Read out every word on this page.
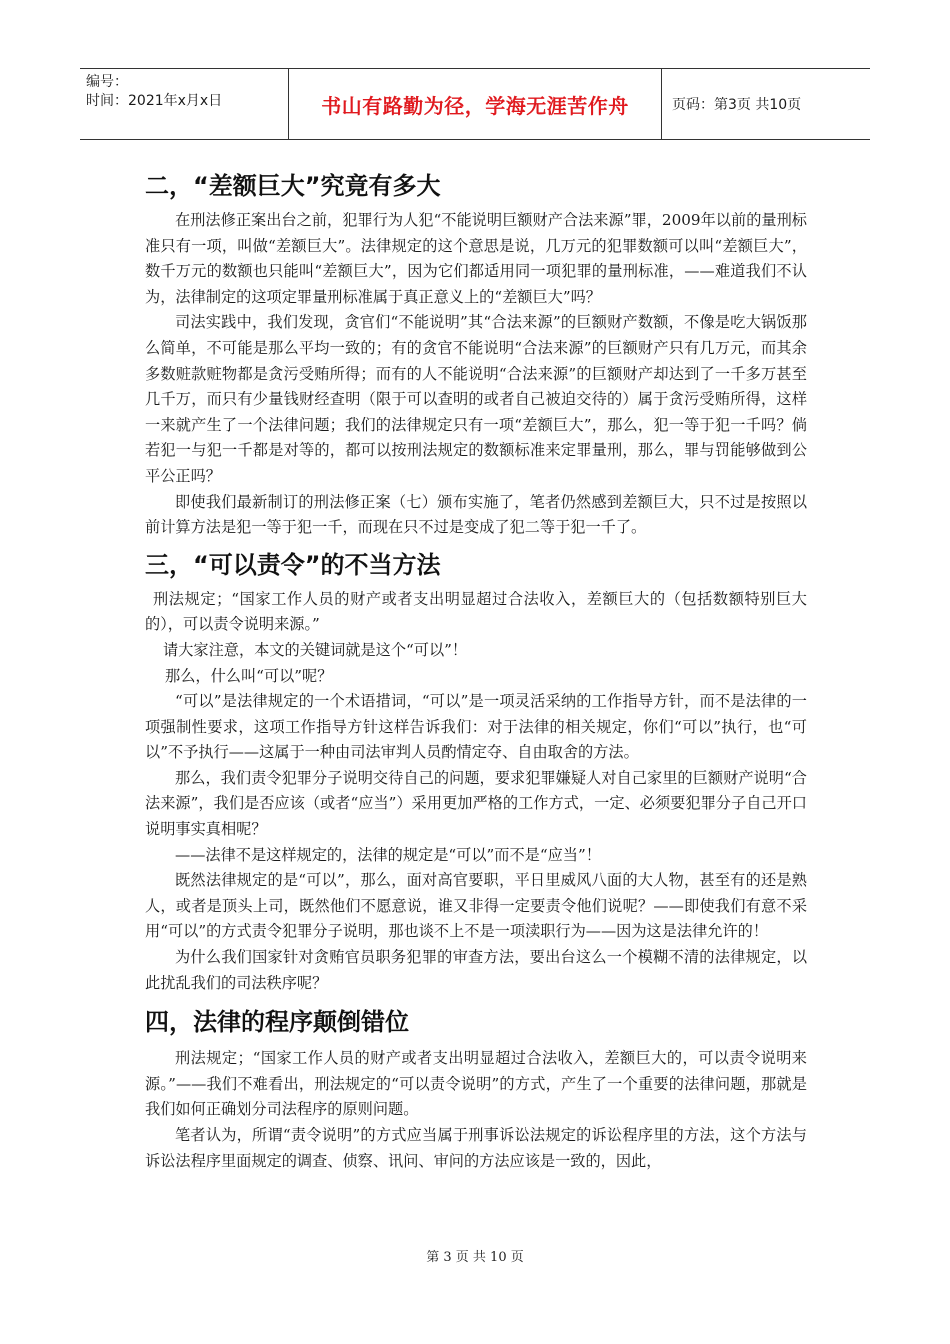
编号：
时间：2021年x月x日	书山有路勤为径，学海无涯苦作舟	页码：第3页 共10页
二，“差额巨大”究竟有多大

在刑法修正案出台之前，犯罪行为人犯“不能说明巨额财产合法来源”罪，2009年以前的量刑标准只有一项，叫做“差额巨大”。法律规定的这个意思是说，几万元的犯罪数额可以叫“差额巨大”，数千万元的数额也只能叫“差额巨大”，因为它们都适用同一项犯罪的量刑标准，——难道我们不认为，法律制定的这项定罪量刑标准属于真正意义上的“差额巨大”吗？

司法实践中，我们发现，贪官们“不能说明”其“合法来源”的巨额财产数额，不像是吃大锅饭那么简单，不可能是那么平均一致的；有的贪官不能说明“合法来源”的巨额财产只有几万元，而其余多数赃款赃物都是贪污受贿所得；而有的人不能说明“合法来源”的巨额财产却达到了一千多万甚至几千万，而只有少量钱财经查明（限于可以查明的或者自己被迫交待的）属于贪污受贿所得，这样一来就产生了一个法律问题；我们的法律规定只有一项“差额巨大”，那么，犯一等于犯一千吗？倘若犯一与犯一千都是对等的，都可以按刑法规定的数额标准来定罪量刑，那么，罪与罚能够做到公平公正吗？

即使我们最新制订的刑法修正案（七）颁布实施了，笔者仍然感到差额巨大，只不过是按照以前计算方法是犯一等于犯一千，而现在只不过是变成了犯二等于犯一千了。

三，“可以责令”的不当方法

刑法规定；“国家工作人员的财产或者支出明显超过合法收入，差额巨大的（包括数额特别巨大的），可以责令说明来源。”

请大家注意，本文的关键词就是这个“可以”！

那么，什么叫“可以”呢？

“可以”是法律规定的一个术语措词，“可以”是一项灵活采纳的工作指导方针，而不是法律的一项强制性要求，这项工作指导方针这样告诉我们：对于法律的相关规定，你们“可以”执行，也“可以”不予执行——这属于一种由司法审判人员酌情定夺、自由取舍的方法。

那么，我们责令犯罪分子说明交待自己的问题，要求犯罪嫌疑人对自己家里的巨额财产说明“合法来源”，我们是否应该（或者“应当”）采用更加严格的工作方式，一定、必须要犯罪分子自己开口说明事实真相呢？

——法律不是这样规定的，法律的规定是“可以”而不是“应当”！

既然法律规定的是“可以”，那么，面对高官要职，平日里威风八面的大人物，甚至有的还是熟人，或者是顶头上司，既然他们不愿意说，谁又非得一定要责令他们说呢？——即使我们有意不采用“可以”的方式责令犯罪分子说明，那也谈不上不是一项渎职行为——因为这是法律允许的！

为什么我们国家针对贪贿官员职务犯罪的审查方法，要出台这么一个模糊不清的法律规定，以此扰乱我们的司法秩序呢？

四，法律的程序颠倒错位

刑法规定；“国家工作人员的财产或者支出明显超过合法收入，差额巨大的，可以责令说明来源。”——我们不难看出，刑法规定的“可以责令说明”的方式，产生了一个重要的法律问题，那就是我们如何正确划分司法程序的原则问题。

笔者认为，所谓“责令说明”的方式应当属于刑事诉讼法规定的诉讼程序里的方法，这个方法与诉讼法程序里面规定的调查、侦察、讯问、审问的方法应该是一致的，因此，

第 3 页 共 10 页
